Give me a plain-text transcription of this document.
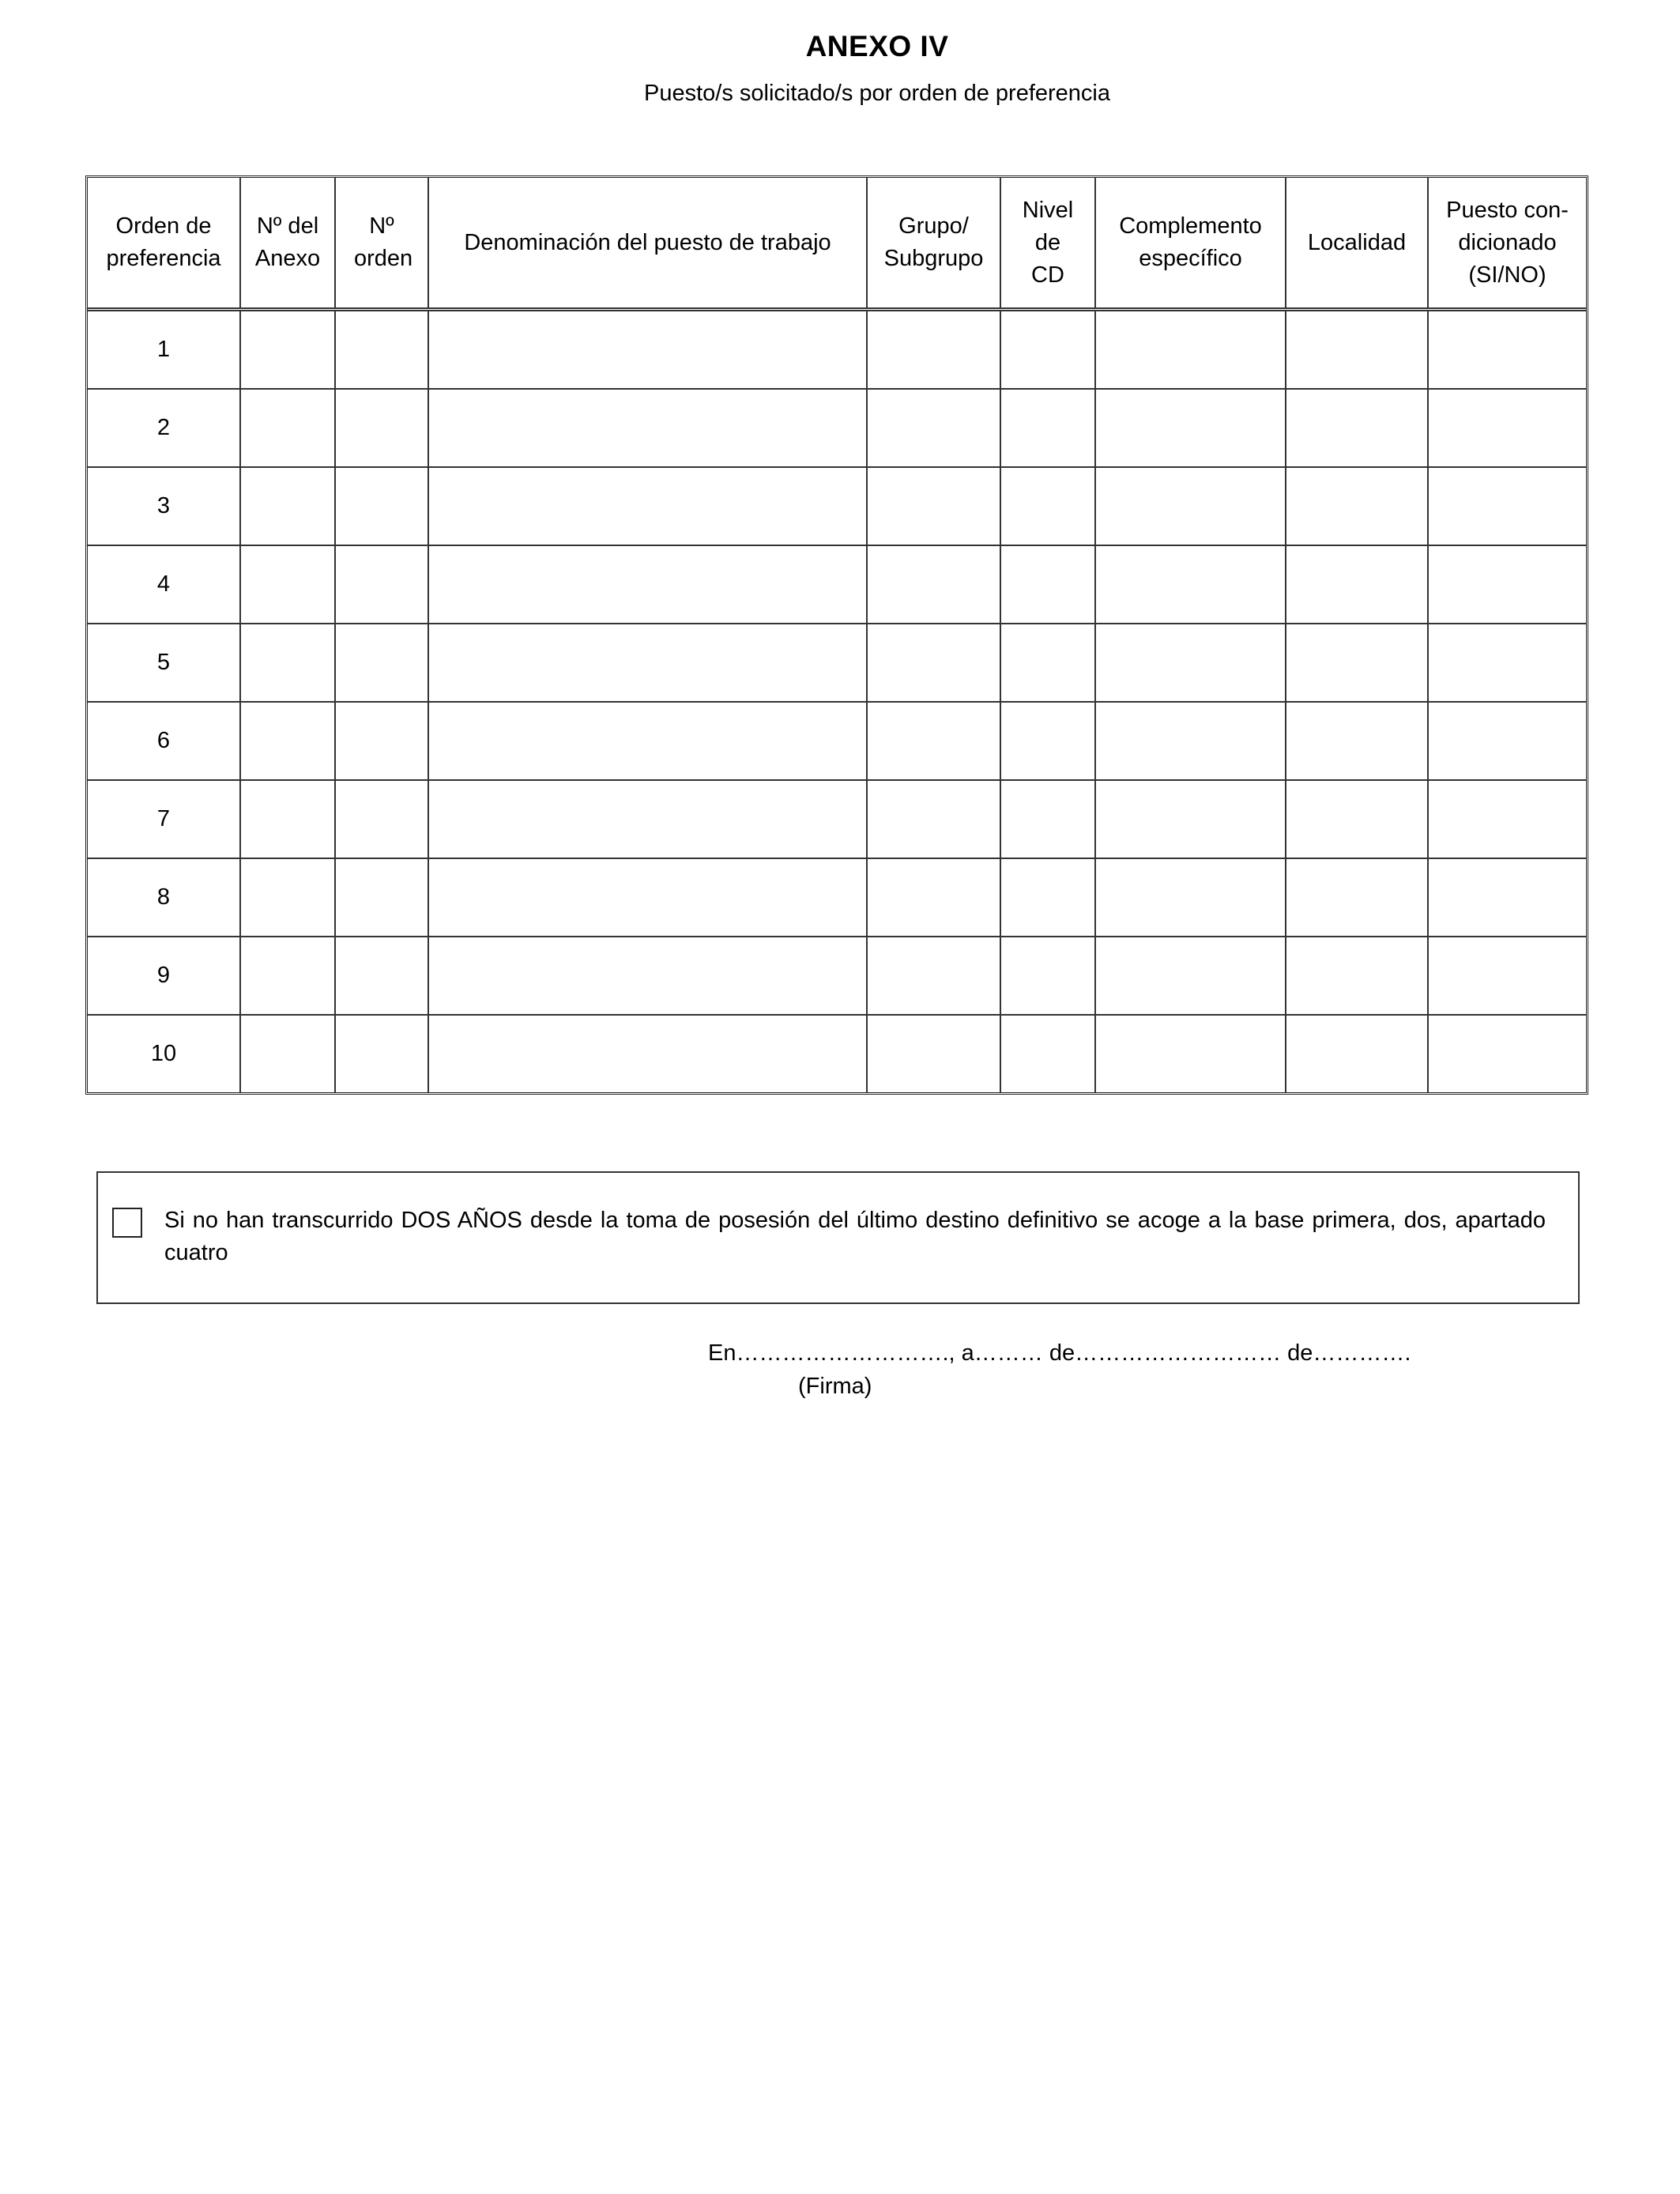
ANEXO IV
Puesto/s solicitado/s por orden de preferencia
Orden de preferencia	Nº del Anexo	Nº orden	Denominación del puesto de trabajo	Grupo/ Subgrupo	Nivel de CD	Complemento específico	Localidad	Puesto con-dicionado (SI/NO)
1								
2								
3								
4								
5								
6								
7								
8								
9								
10								
Si no han transcurrido DOS AÑOS desde la toma de posesión del último destino definitivo se acoge a la base primera, dos, apartado cuatro
En………………………., a……… de……………………… de………….
(Firma)
